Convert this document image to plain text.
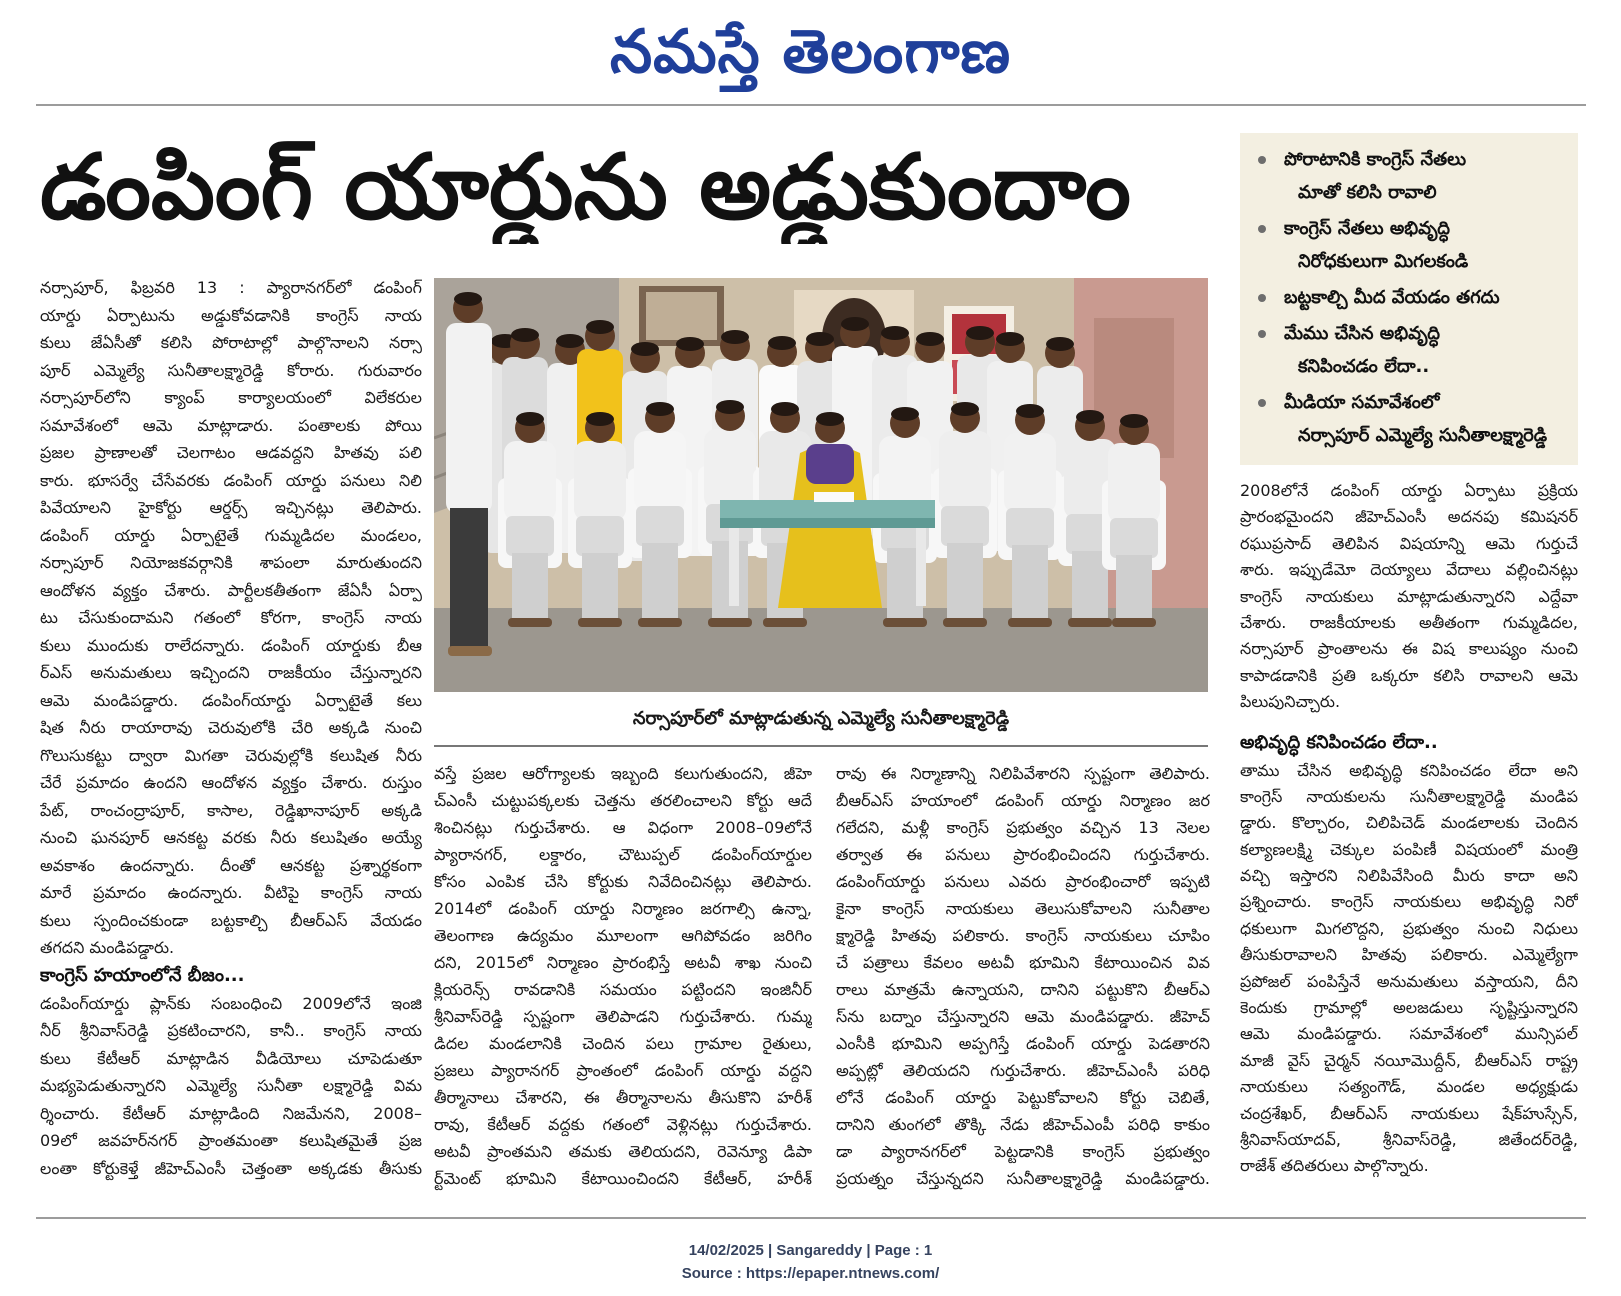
నమస్తే తెలంగాణ
డంపింగ్ యార్డును అడ్డుకుందాం	పోరాటానికి కాంగ్రెస్ నేతలు
మాతో కలిసి రావాలి
కాంగ్రెస్ నేతలు అభివృద్ధి
నిరోధకులుగా మిగలకండి
బట్టకాల్చి మీద వేయడం తగదు
మేము చేసిన అభివృద్ధి
కనిపించడం లేదా..
మీడియా సమావేశంలో
నర్సాపూర్ ఎమ్మెల్యే సునీతాలక్ష్మారెడ్డి
నర్సాపూర్, ఫిబ్రవరి 13 : ప్యారానగర్‌లో డంపింగ్
యార్డు ఏర్పాటును అడ్డుకోవడానికి కాంగ్రెస్ నాయ
కులు జేఏసీతో కలిసి పోరాటాల్లో పాల్గొనాలని నర్సా
పూర్ ఎమ్మెల్యే సునీతాలక్ష్మారెడ్డి కోరారు. గురువారం
నర్సాపూర్‌లోని క్యాంప్ కార్యాలయంలో విలేకరుల
సమావేశంలో ఆమె మాట్లాడారు. పంతాలకు పోయి
ప్రజల ప్రాణాలతో చెలగాటం ఆడవద్దని హితవు పలి
కారు. భూసర్వే చేసేవరకు డంపింగ్ యార్డు పనులు నిలి
పివేయాలని హైకోర్టు ఆర్డర్స్ ఇచ్చినట్లు తెలిపారు.
డంపింగ్ యార్డు ఏర్పాటైతే గుమ్మడిదల మండలం,
నర్సాపూర్ నియోజకవర్గానికి శాపంలా మారుతుందని
ఆందోళన వ్యక్తం చేశారు. పార్టీలకతీతంగా జేఏసీ ఏర్పా
టు చేసుకుందామని గతంలో కోరగా, కాంగ్రెస్ నాయ
కులు ముందుకు రాలేదన్నారు. డంపింగ్ యార్డుకు బీఆ
ర్‌ఎస్ అనుమతులు ఇచ్చిందని రాజకీయం చేస్తున్నారని
ఆమె మండిపడ్డారు. డంపింగ్‌యార్డు ఏర్పాటైతే కలు
షిత నీరు రాయారావు చెరువులోకి చేరి అక్కడి నుంచి
గొలుసుకట్టు ద్వారా మిగతా చెరువుల్లోకి కలుషిత నీరు
చేరే ప్రమాదం ఉందని ఆందోళన వ్యక్తం చేశారు. రుస్తుం
పేట్, రాంచంద్రాపూర్, కాసాల, రెడ్డిఖానాపూర్ అక్కడి
నుంచి ఘనపూర్ ఆనకట్ట వరకు నీరు కలుషితం అయ్యే
అవకాశం ఉందన్నారు. దీంతో ఆనకట్ట ప్రశ్నార్థకంగా
మారే ప్రమాదం ఉందన్నారు. వీటిపై కాంగ్రెస్ నాయ
కులు స్పందించకుండా బట్టకాల్చి బీఆర్‌ఎస్ వేయడం
తగదని మండిపడ్డారు.
కాంగ్రెస్ హయాంలోనే బీజం...
డంపింగ్‌యార్డు ప్లాన్‌కు సంబంధించి 2009లోనే ఇంజి
నీర్ శ్రీనివాస్‌రెడ్డి ప్రకటించారని, కానీ.. కాంగ్రెస్ నాయ
కులు కేటీఆర్ మాట్లాడిన వీడియోలు చూపెడుతూ
మభ్యపెడుతున్నారని ఎమ్మెల్యే సునీతా లక్ష్మారెడ్డి విమ
ర్శించారు. కేటీఆర్ మాట్లాడింది నిజమేనని, 2008–
09లో జవహర్‌నగర్ ప్రాంతమంతా కలుషితమైతే ప్రజ
లంతా కోర్టుకెళ్తే జీహెచ్‌ఎంసీ చెత్తంతా అక్కడకు తీసుకు
నర్సాపూర్‌లో మాట్లాడుతున్న ఎమ్మెల్యే సునీతాలక్ష్మారెడ్డి
వస్తే ప్రజల ఆరోగ్యాలకు ఇబ్బంది కలుగుతుందని, జీహె
చ్‌ఎంసీ చుట్టుపక్కలకు చెత్తను తరలించాలని కోర్టు ఆదే
శించినట్లు గుర్తుచేశారు. ఆ విధంగా 2008–09లోనే
ప్యారానగర్, లక్డారం, చౌటుప్పల్ డంపింగ్‌యార్డుల
కోసం ఎంపిక చేసి కోర్టుకు నివేదించినట్లు తెలిపారు.
2014లో డంపింగ్ యార్డు నిర్మాణం జరగాల్సి ఉన్నా,
తెలంగాణ ఉద్యమం మూలంగా ఆగిపోవడం జరిగిం
దని, 2015లో నిర్మాణం ప్రారంభిస్తే అటవీ శాఖ నుంచి
క్లియరెన్స్ రావడానికి సమయం పట్టిందని ఇంజినీర్
శ్రీనివాస్‌రెడ్డి స్పష్టంగా తెలిపాడని గుర్తుచేశారు. గుమ్మ
డిదల మండలానికి చెందిన పలు గ్రామాల రైతులు,
ప్రజలు ప్యారానగర్ ప్రాంతంలో డంపింగ్ యార్డు వద్దని
తీర్మానాలు చేశారని, ఈ తీర్మానాలను తీసుకొని హరీశ్
రావు, కేటీఆర్ వద్దకు గతంలో వెళ్లినట్లు గుర్తుచేశారు.
అటవీ ప్రాంతమని తమకు తెలియదని, రెవెన్యూ డిపా
ర్ట్‌మెంట్ భూమిని కేటాయించిందని కేటీఆర్, హరీశ్
రావు ఈ నిర్మాణాన్ని నిలిపివేశారని స్పష్టంగా తెలిపారు.
బీఆర్‌ఎస్ హయాంలో డంపింగ్ యార్డు నిర్మాణం జర
గలేదని, మళ్లీ కాంగ్రెస్ ప్రభుత్వం వచ్చిన 13 నెలల
తర్వాత ఈ పనులు ప్రారంభించిందని గుర్తుచేశారు.
డంపింగ్‌యార్డు పనులు ఎవరు ప్రారంభించారో ఇప్పటి
కైనా కాంగ్రెస్ నాయకులు తెలుసుకోవాలని సునీతాల
క్ష్మారెడ్డి హితవు పలికారు. కాంగ్రెస్ నాయకులు చూపిం
చే పత్రాలు కేవలం అటవీ భూమిని కేటాయించిన వివ
రాలు మాత్రమే ఉన్నాయని, దానిని పట్టుకొని బీఆర్‌ఎ
స్‌ను బద్నాం చేస్తున్నారని ఆమె మండిపడ్డారు. జీహెచ్
ఎంసీకి భూమిని అప్పగిస్తే డంపింగ్ యార్డు పెడతారని
అప్పట్లో తెలియదని గుర్తుచేశారు. జీహెచ్‌ఎంసీ పరిధి
లోనే డంపింగ్ యార్డు పెట్టుకోవాలని కోర్టు చెబితే,
దానిని తుంగలో తొక్కి నేడు జీహెచ్‌ఎంపీ పరిధి కాకుం
డా ప్యారానగర్‌లో పెట్టడానికి కాంగ్రెస్ ప్రభుత్వం
ప్రయత్నం చేస్తున్నదని సునీతాలక్ష్మారెడ్డి మండిపడ్డారు.
2008లోనే డంపింగ్ యార్డు ఏర్పాటు ప్రక్రియ
ప్రారంభమైందని జీహెచ్‌ఎంసీ అదనపు కమిషనర్
రఘుప్రసాద్ తెలిపిన విషయాన్ని ఆమె గుర్తుచే
శారు. ఇప్పుడేమో దెయ్యాలు వేదాలు వల్లించినట్లు
కాంగ్రెస్ నాయకులు మాట్లాడుతున్నారని ఎద్దేవా
చేశారు. రాజకీయాలకు అతీతంగా గుమ్మడిదల,
నర్సాపూర్ ప్రాంతాలను ఈ విష కాలుష్యం నుంచి
కాపాడడానికి ప్రతి ఒక్కరూ కలిసి రావాలని ఆమె
పిలుపునిచ్చారు.
అభివృద్ధి కనిపించడం లేదా..
తాము చేసిన అభివృద్ధి కనిపించడం లేదా అని
కాంగ్రెస్ నాయకులను సునీతాలక్ష్మారెడ్డి మండిప
డ్డారు. కొల్చారం, చిలిపిచెడ్ మండలాలకు చెందిన
కల్యాణలక్ష్మి చెక్కుల పంపిణీ విషయంలో మంత్రి
వచ్చి ఇస్తారని నిలిపివేసింది మీరు కాదా అని
ప్రశ్నించారు. కాంగ్రెస్ నాయకులు అభివృద్ధి నిరో
ధకులుగా మిగలొద్దని, ప్రభుత్వం నుంచి నిధులు
తీసుకురావాలని హితవు పలికారు. ఎమ్మెల్యేగా
ప్రపోజల్ పంపిస్తేనే అనుమతులు వస్తాయని, దీని
కెందుకు గ్రామాల్లో అలజడులు సృష్టిస్తున్నారని
ఆమె మండిపడ్డారు. సమావేశంలో మున్సిపల్
మాజీ వైస్ చైర్మన్ నయీమొద్దీన్, బీఆర్‌ఎస్ రాష్ట్ర
నాయకులు సత్యంగౌడ్, మండల అధ్యక్షుడు
చంద్రశేఖర్, బీఆర్‌ఎస్ నాయకులు షేక్‌హుస్సేన్,
శ్రీనివాస్‌యాదవ్, శ్రీనివాస్‌రెడ్డి, జితేందర్‌రెడ్డి,
రాజేశ్ తదితరులు పాల్గొన్నారు.
14/02/2025 | Sangareddy | Page : 1
Source : https://epaper.ntnews.com/
